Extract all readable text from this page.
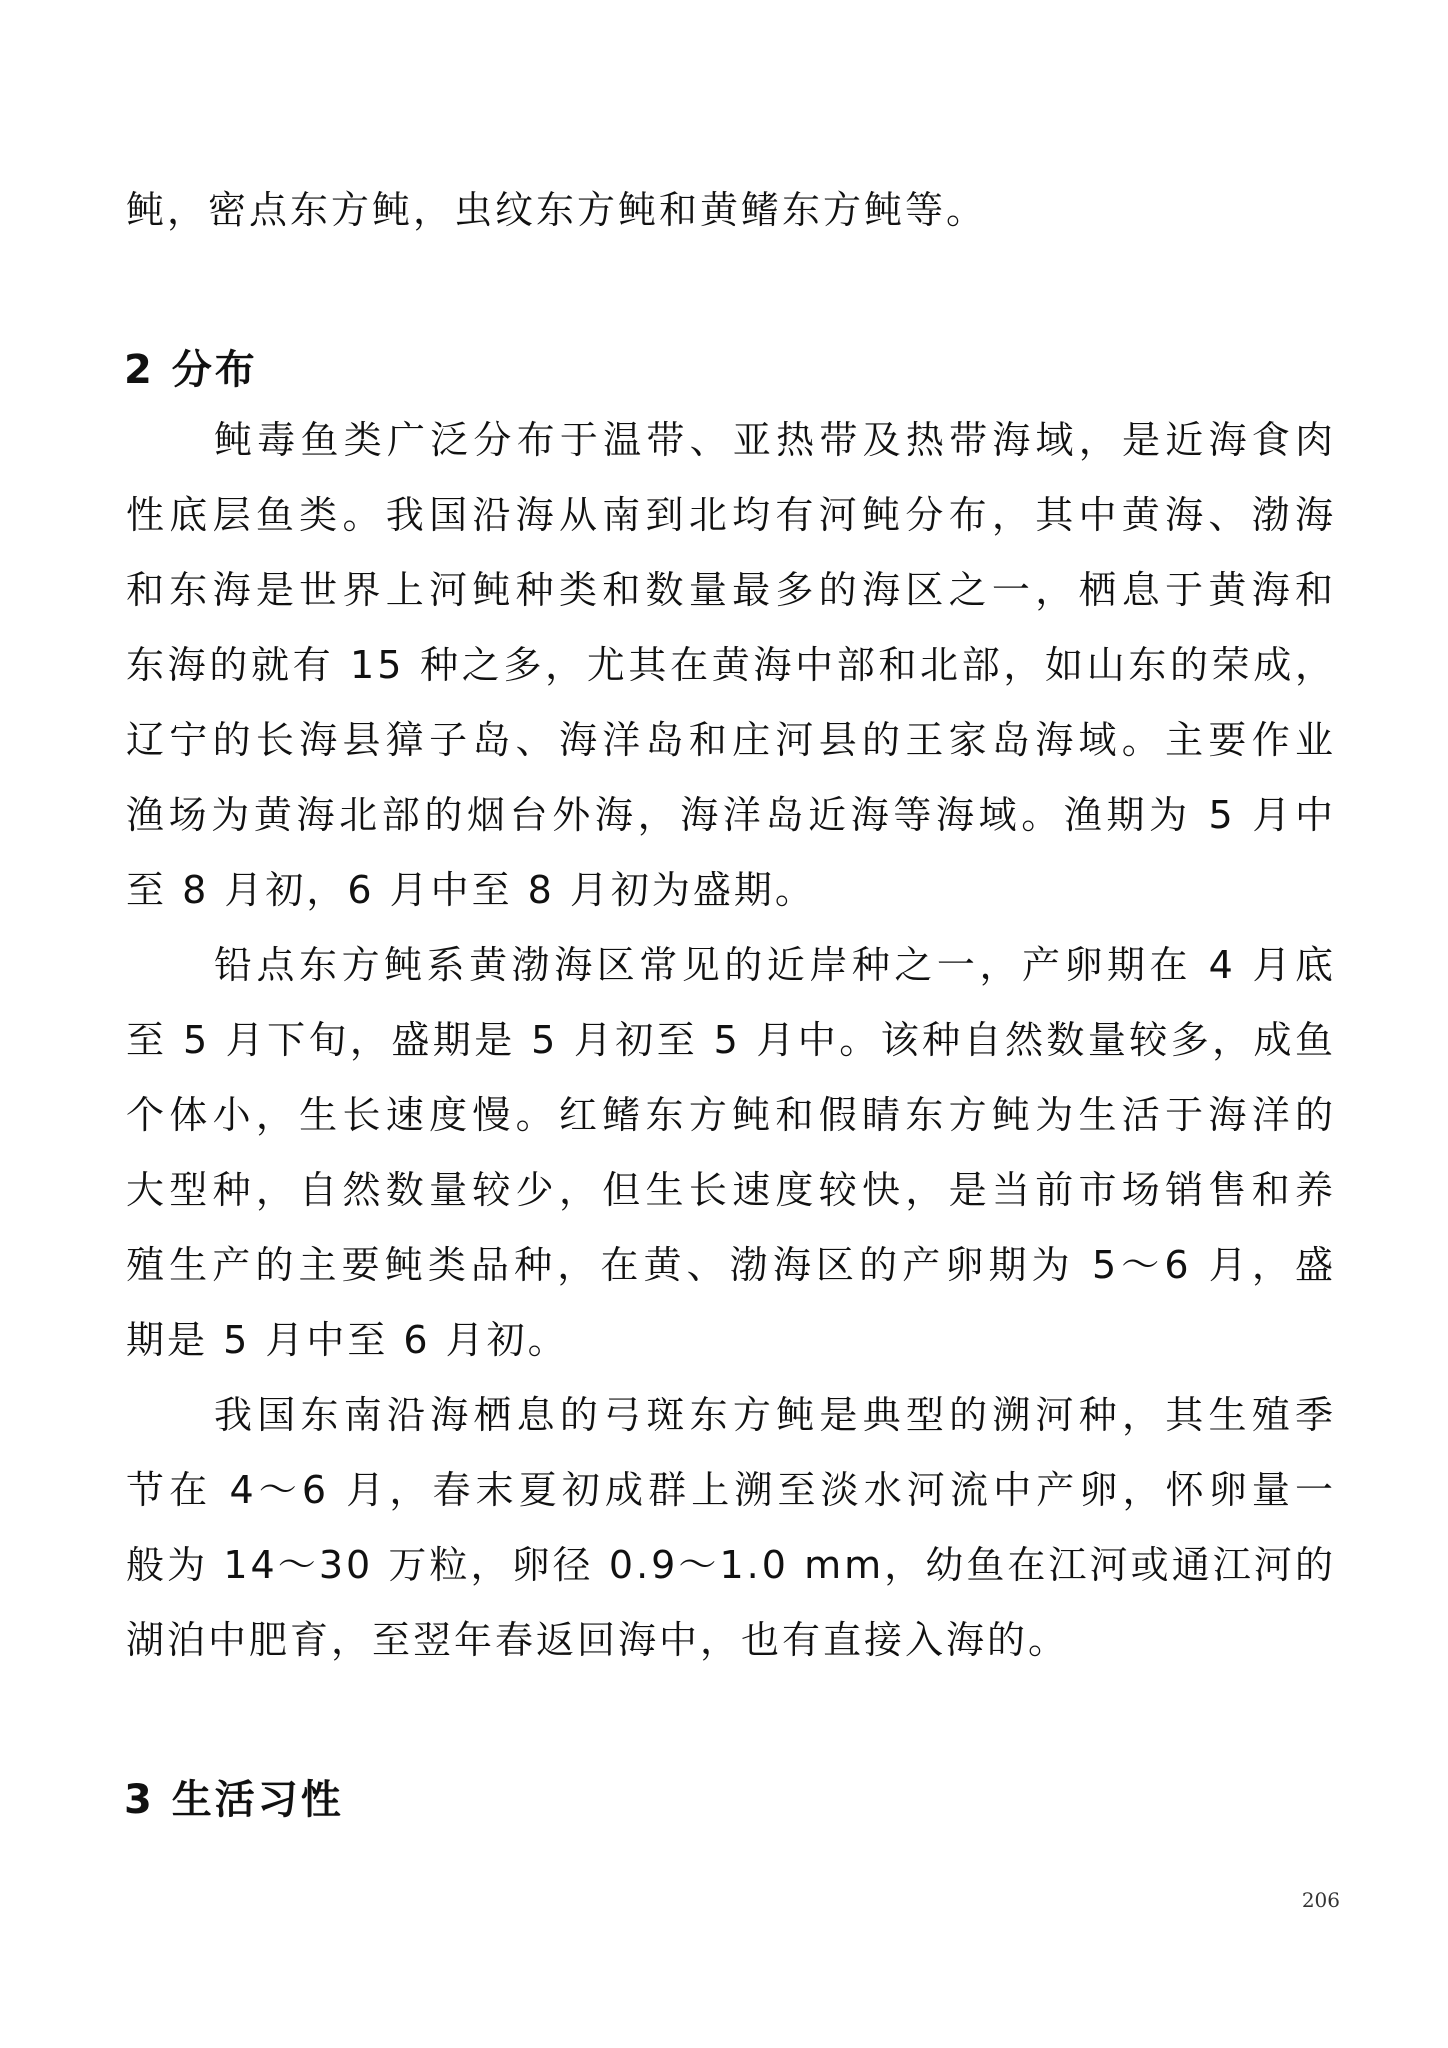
鲀，密点东方鲀，虫纹东方鲀和黄鳍东方鲀等。
2 分布
鲀毒鱼类广泛分布于温带、亚热带及热带海域，是近海食肉
性底层鱼类。我国沿海从南到北均有河鲀分布，其中黄海、渤海
和东海是世界上河鲀种类和数量最多的海区之一，栖息于黄海和
东海的就有 15 种之多，尤其在黄海中部和北部，如山东的荣成，
辽宁的长海县獐子岛、海洋岛和庄河县的王家岛海域。主要作业
渔场为黄海北部的烟台外海，海洋岛近海等海域。渔期为 5 月中
至 8 月初，6 月中至 8 月初为盛期。
铅点东方鲀系黄渤海区常见的近岸种之一，产卵期在 4 月底
至 5 月下旬，盛期是 5 月初至 5 月中。该种自然数量较多，成鱼
个体小，生长速度慢。红鳍东方鲀和假睛东方鲀为生活于海洋的
大型种，自然数量较少，但生长速度较快，是当前市场销售和养
殖生产的主要鲀类品种，在黄、渤海区的产卵期为 5～6 月，盛
期是 5 月中至 6 月初。
我国东南沿海栖息的弓斑东方鲀是典型的溯河种，其生殖季
节在 4～6 月，春末夏初成群上溯至淡水河流中产卵，怀卵量一
般为 14～30 万粒，卵径 0.9～1.0 mm，幼鱼在江河或通江河的
湖泊中肥育，至翌年春返回海中，也有直接入海的。
3 生活习性
206
